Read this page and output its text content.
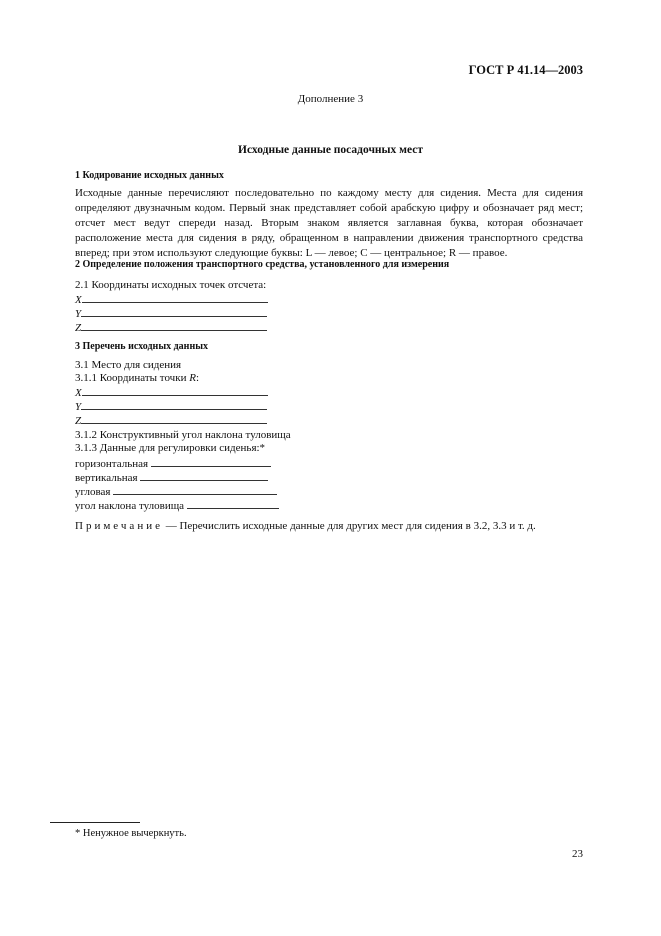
ГОСТ Р 41.14—2003
Дополнение 3
Исходные данные посадочных мест
1 Кодирование исходных данных
Исходные данные перечисляют последовательно по каждому месту для сидения. Места для сидения определяют двузначным кодом. Первый знак представляет собой арабскую цифру и обозначает ряд мест; отсчет мест ведут спереди назад. Вторым знаком является заглавная буква, которая обозначает расположение места для сидения в ряду, обращенном в направлении движения транспортного средства вперед; при этом используют следующие буквы: L — левое; С — центральное; R — правое.
2 Определение положения транспортного средства, установленного для измерения
2.1 Координаты исходных точек отсчета:
X
Y
Z
3 Перечень исходных данных
3.1 Место для сидения
3.1.1 Координаты точки R:
X
Y
Z
3.1.2 Конструктивный угол наклона туловища
3.1.3 Данные для регулировки сиденья:*
горизонтальная
вертикальная
угловая
угол наклона туловища
Примечание — Перечислить исходные данные для других мест для сидения в 3.2, 3.3 и т. д.
* Ненужное вычеркнуть.
23
